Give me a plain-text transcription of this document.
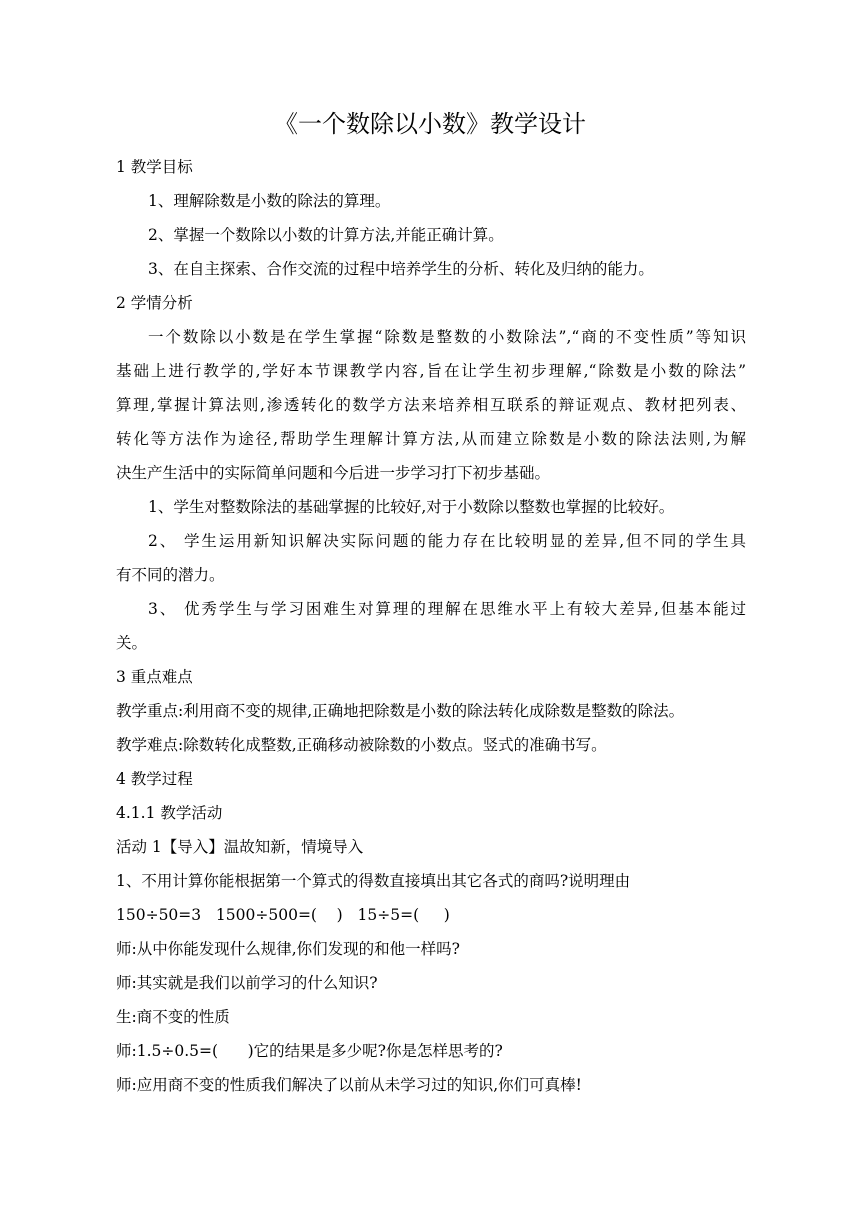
《一个数除以小数》教学设计

1 教学目标

1、理解除数是小数的除法的算理。

2、掌握一个数除以小数的计算方法,并能正确计算。

3、在自主探索、合作交流的过程中培养学生的分析、转化及归纳的能力。

2 学情分析

一个数除以小数是在学生掌握“除数是整数的小数除法”,“商的不变性质”等知识

基础上进行教学的,学好本节课教学内容,旨在让学生初步理解,“除数是小数的除法”

算理,掌握计算法则,渗透转化的数学方法来培养相互联系的辩证观点、教材把列表、

转化等方法作为途径,帮助学生理解计算方法,从而建立除数是小数的除法法则,为解

决生产生活中的实际简单问题和今后进一步学习打下初步基础。

1、学生对整数除法的基础掌握的比较好,对于小数除以整数也掌握的比较好。

2、 学生运用新知识解决实际问题的能力存在比较明显的差异,但不同的学生具

有不同的潜力。

3、 优秀学生与学习困难生对算理的理解在思维水平上有较大差异,但基本能过

关。

3 重点难点

教学重点:利用商不变的规律,正确地把除数是小数的除法转化成除数是整数的除法。

教学难点:除数转化成整数,正确移动被除数的小数点。竖式的准确书写。

4 教学过程

4.1.1 教学活动

活动 1【导入】温故知新，情境导入

1、不用计算你能根据第一个算式的得数直接填出其它各式的商吗?说明理由

150÷50=3   1500÷500=(    )   15÷5=(     )

师:从中你能发现什么规律,你们发现的和他一样吗?

师:其实就是我们以前学习的什么知识?

生:商不变的性质

师:1.5÷0.5=(      )它的结果是多少呢?你是怎样思考的?

师:应用商不变的性质我们解决了以前从未学习过的知识,你们可真棒!
